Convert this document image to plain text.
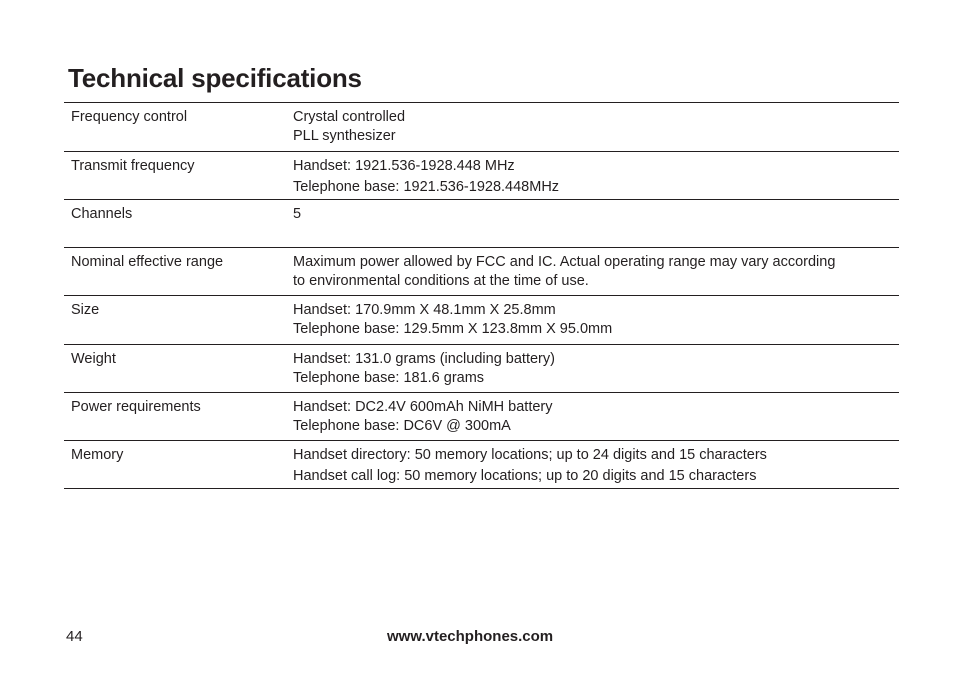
Technical specifications
Frequency control	Crystal controlled
PLL synthesizer
Transmit frequency	Handset: 1921.536-1928.448 MHz
Telephone base: 1921.536-1928.448MHz
Channels	5
Nominal effective range	Maximum power allowed by FCC and IC. Actual operating range may vary according
to environmental conditions at the time of use.
Size	Handset: 170.9mm X 48.1mm X 25.8mm
Telephone base: 129.5mm X 123.8mm X 95.0mm
Weight	Handset: 131.0 grams (including battery)
Telephone base: 181.6 grams
Power requirements	Handset: DC2.4V 600mAh NiMH battery
Telephone base: DC6V @ 300mA
Memory	Handset directory: 50 memory locations; up to 24 digits and 15 characters
Handset call log: 50 memory locations; up to 20 digits and 15 characters
44	www.vtechphones.com
